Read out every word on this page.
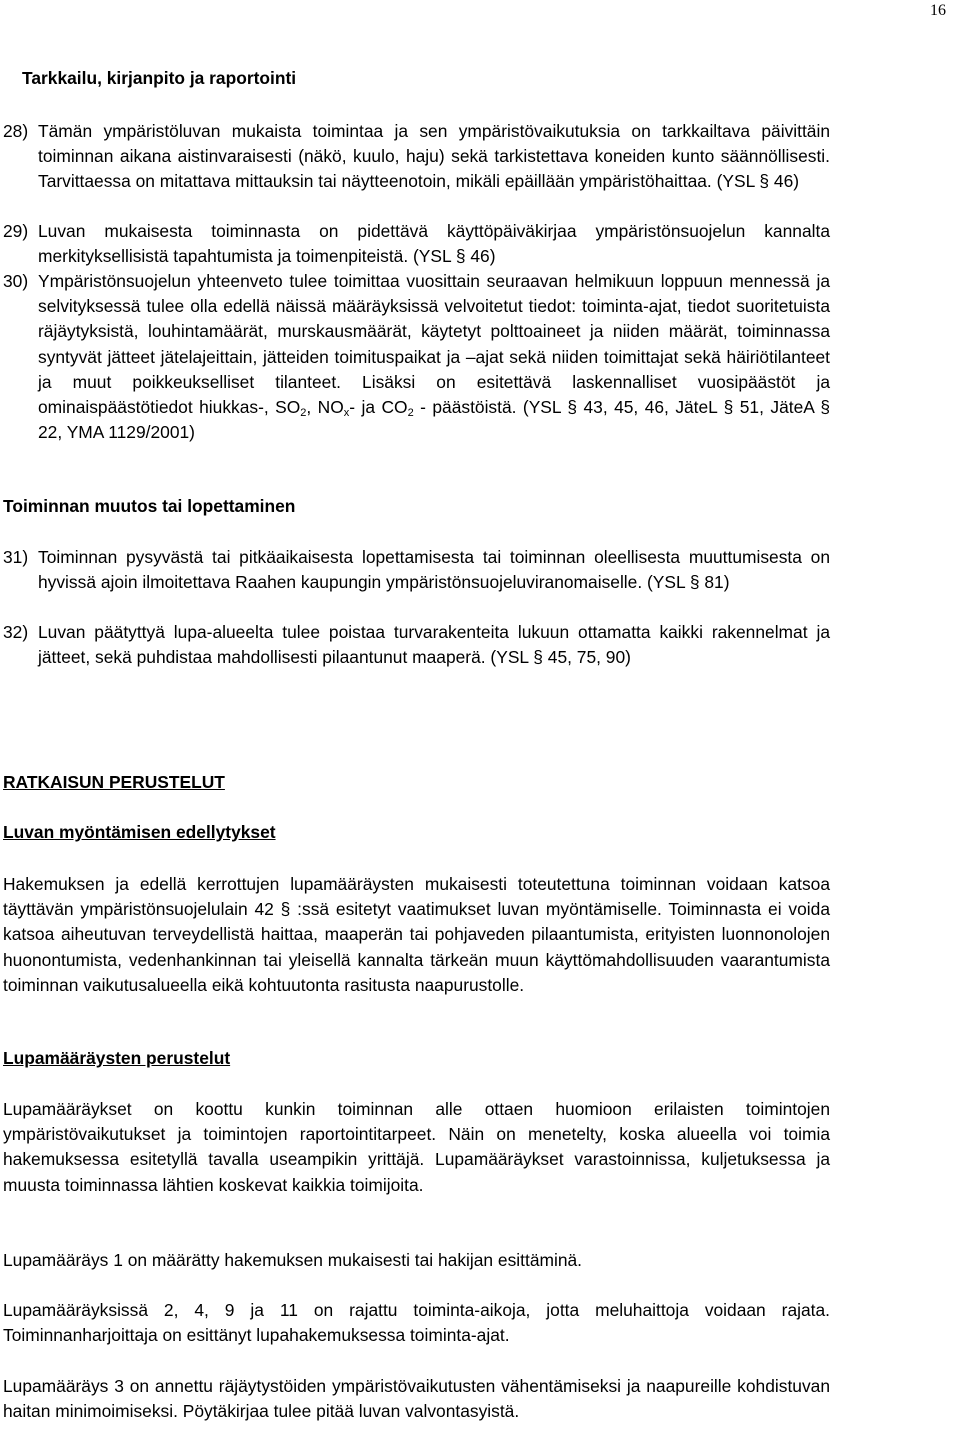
16
Tarkkailu, kirjanpito ja raportointi
28) Tämän ympäristöluvan mukaista toimintaa ja sen ympäristövaikutuksia on tarkkailtava päivittäin toiminnan aikana aistinvaraisesti (näkö, kuulo, haju) sekä tarkistettava koneiden kunto säännöllisesti. Tarvittaessa on mitattava mittauksin tai näytteenotoin, mikäli epäillään ympäristöhaittaa. (YSL § 46)
29) Luvan mukaisesta toiminnasta on pidettävä käyttöpäiväkirjaa ympäristönsuojelun kannalta merkityksellisistä tapahtumista ja toimenpiteistä. (YSL § 46)
30) Ympäristönsuojelun yhteenveto tulee toimittaa vuosittain seuraavan helmikuun loppuun mennessä ja selvityksessä tulee olla edellä näissä määräyksissä velvoitetut tiedot: toiminta-ajat, tiedot suoritetuista räjäytyksistä, louhintamäärät, murskausmäärät, käytetyt polttoaineet ja niiden määrät, toiminnassa syntyvät jätteet jätelajeittain, jätteiden toimituspaikat ja –ajat sekä niiden toimittajat sekä häiriötilanteet ja muut poikkeukselliset tilanteet. Lisäksi on esitettävä laskennalliset vuosipäästöt ja ominaispäästötiedot hiukkas-, $SO_2$, $NO_x-$ ja $CO_2$ - päästöistä. (YSL § 43, 45, 46, JäteL § 51, JäteA § 22, YMA 1129/2001)
Toiminnan muutos tai lopettaminen
31) Toiminnan pysyvästä tai pitkäaikaisesta lopettamisesta tai toiminnan oleellisesta muuttumisesta on hyvissä ajoin ilmoitettava Raahen kaupungin ympäristönsuojeluviranomaiselle. (YSL § 81)
32) Luvan päätyttyä lupa-alueelta tulee poistaa turvarakenteita lukuun ottamatta kaikki rakennelmat ja jätteet, sekä puhdistaa mahdollisesti pilaantunut maaperä. (YSL § 45, 75, 90)
RATKAISUN PERUSTELUT
Luvan myöntämisen edellytykset
Hakemuksen ja edellä kerrottujen lupamääräysten mukaisesti toteutettuna toiminnan voidaan katsoa täyttävän ympäristönsuojelulain 42 § :ssä esitetyt vaatimukset luvan myöntämiselle. Toiminnasta ei voida katsoa aiheutuvan terveydellistä haittaa, maaperän tai pohjaveden pilaantumista, erityisten luonnonolojen huonontumista, vedenhankinnan tai yleisellä kannalta tärkeän muun käyttömahdollisuuden vaarantumista toiminnan vaikutusalueella eikä kohtuutonta rasitusta naapurustolle.
Lupamääräysten perustelut
Lupamääräykset on koottu kunkin toiminnan alle ottaen huomioon erilaisten toimintojen ympäristövaikutukset ja toimintojen raportointitarpeet. Näin on menetelty, koska alueella voi toimia hakemuksessa esitetyllä tavalla useampikin yrittäjä. Lupamääräykset varastoinnissa, kuljetuksessa ja muusta toiminnassa lähtien koskevat kaikkia toimijoita.
Lupamääräys 1 on määrätty hakemuksen mukaisesti tai hakijan esittäminä.
Lupamääräyksissä 2, 4, 9 ja 11 on rajattu toiminta-aikoja, jotta meluhaittoja voidaan rajata. Toiminnanharjoittaja on esittänyt lupahakemuksessa toiminta-ajat.
Lupamääräys 3 on annettu räjäytystöiden ympäristövaikutusten vähentämiseksi ja naapureille kohdistuvan haitan minimoimiseksi. Pöytäkirjaa tulee pitää luvan valvontasyistä.
